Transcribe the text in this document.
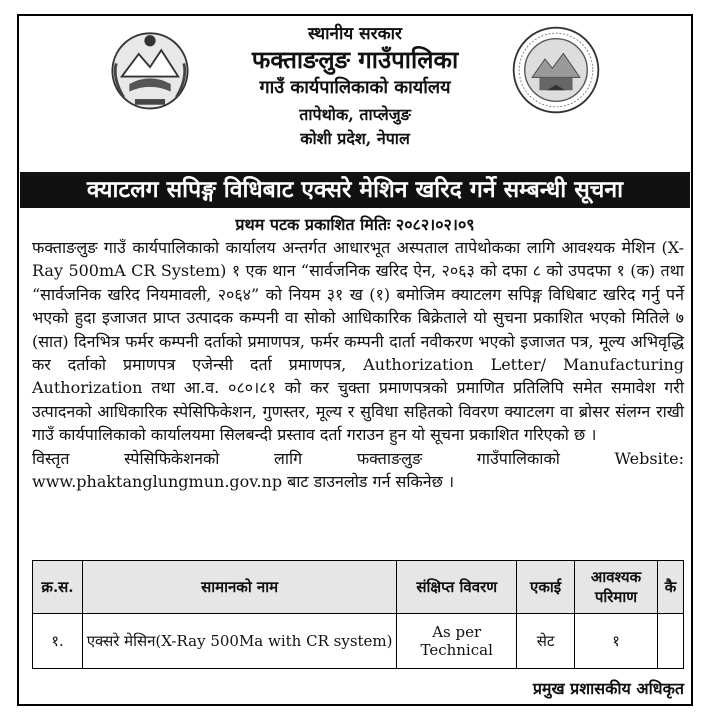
स्थानीय सरकार
फक्ताङलुङ गाउँपालिका
गाउँ कार्यपालिकाको कार्यालय
तापेथोक, ताप्लेजुङ
कोशी प्रदेश, नेपाल
क्याटलग सपिङ्ग विधिबाट एक्सरे मेशिन खरिद गर्ने सम्बन्धी सूचना
प्रथम पटक प्रकाशित मितिः २०८२।०२।०९

फक्ताङलुङ गाउँ कार्यपालिकाको कार्यालय अन्तर्गत आधारभूत अस्पताल तापेथोकका लागि आवश्यक मेशिन (X-Ray 500mA CR System) १ एक थान “सार्वजनिक खरिद ऐन, २०६३ को दफा ८ को उपदफा १ (क) तथा “सार्वजनिक खरिद नियमावली, २०६४” को नियम ३१ ख (१) बमोजिम क्याटलग सपिङ्ग विधिबाट खरिद गर्नु पर्ने भएको हुदा इजाजत प्राप्त उत्पादक कम्पनी वा सोको आधिकारिक बिक्रेताले यो सुचना प्रकाशित भएको मितिले ७ (सात) दिनभित्र फर्मर कम्पनी दर्ताको प्रमाणपत्र, फर्मर कम्पनी दार्ता नवीकरण भएको इजाजत पत्र, मूल्य अभिवृद्धि कर दर्ताको प्रमाणपत्र एजेन्सी दर्ता प्रमाणपत्र, Authorization Letter/ Manufacturing Authorization तथा आ.व. ०८०।८१ को कर चुक्ता प्रमाणपत्रको प्रमाणित प्रतिलिपि समेत समावेश गरी उत्पादनको आधिकारिक स्पेसिफिकेशन, गुणस्तर, मूल्य र सुविधा सहितको विवरण क्याटलग वा ब्रोसर संलग्न राखी गाउँ कार्यपालिकाको कार्यालयमा सिलबन्दी प्रस्ताव दर्ता गराउन हुन यो सूचना प्रकाशित गरिएको छ ।

विस्तृत स्पेसिफिकेशनको लागि फक्ताङलुङ गाउँपालिकाको Website: www.phaktanglungmun.gov.np बाट डाउनलोड गर्न सकिनेछ ।

क्र.स.	सामानको नाम	संक्षिप्त विवरण	एकाई	आवश्यक परिमाण	कै
१.	एक्सरे मेसिन(X-Ray 500Ma with CR system)	As per Technical	सेट	१	
प्रमुख प्रशासकीय अधिकृत
